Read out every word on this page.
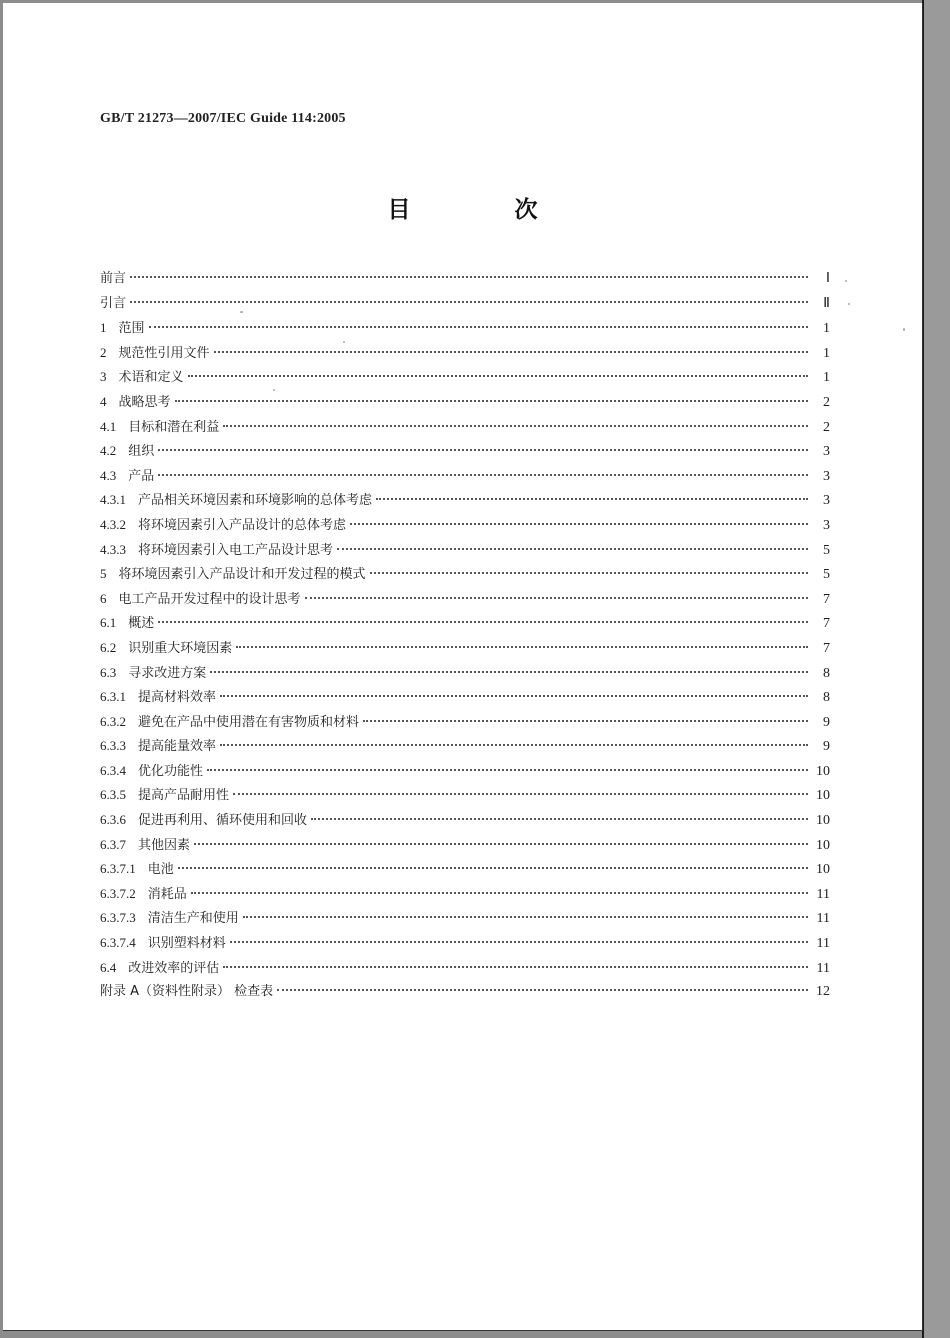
GB/T 21273—2007/IEC Guide 114:2005
目 次
前言	Ⅰ
引言	Ⅱ
1 范围	1
2 规范性引用文件	1
3 术语和定义	1
4 战略思考	2
4.1 目标和潜在利益	2
4.2 组织	3
4.3 产品	3
4.3.1 产品相关环境因素和环境影响的总体考虑	3
4.3.2 将环境因素引入产品设计的总体考虑	3
4.3.3 将环境因素引入电工产品设计思考	5
5 将环境因素引入产品设计和开发过程的模式	5
6 电工产品开发过程中的设计思考	7
6.1 概述	7
6.2 识别重大环境因素	7
6.3 寻求改进方案	8
6.3.1 提高材料效率	8
6.3.2 避免在产品中使用潜在有害物质和材料	9
6.3.3 提高能量效率	9
6.3.4 优化功能性	10
6.3.5 提高产品耐用性	10
6.3.6 促进再利用、循环使用和回收	10
6.3.7 其他因素	10
6.3.7.1 电池	10
6.3.7.2 消耗品	11
6.3.7.3 清洁生产和使用	11
6.3.7.4 识别塑料材料	11
6.4 改进效率的评估	11
附录 A（资料性附录） 检查表	12
